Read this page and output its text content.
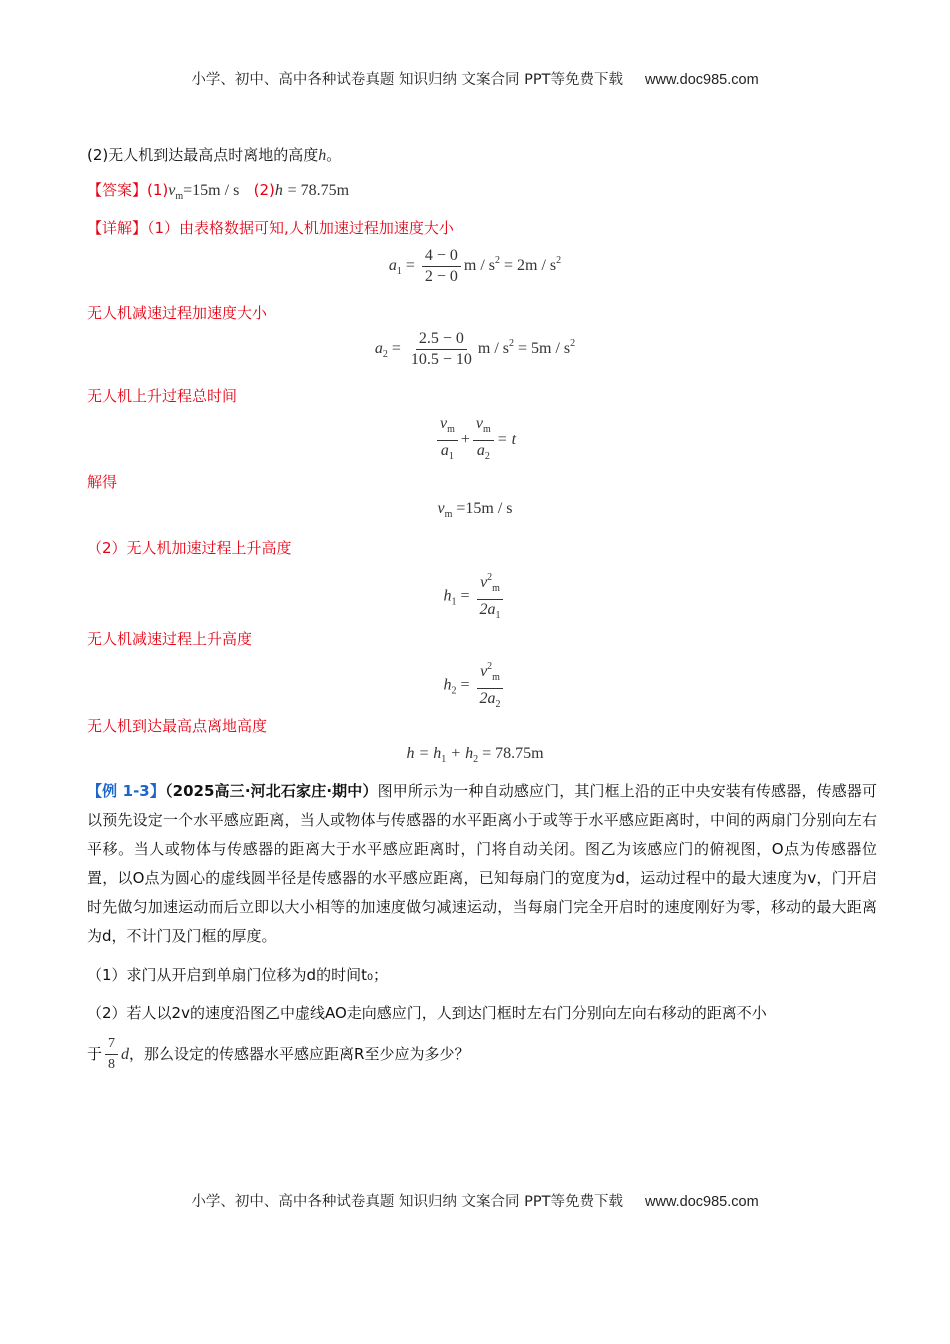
小学、初中、高中各种试卷真题 知识归纳 文案合同 PPT等免费下载 www.doc985.com
(2)无人机到达最高点时离地的高度h。
【答案】$(1)v_m=15m / s$ (2)h = 78.75m
【详解】（1）由表格数据可知,人机加速过程加速度大小
$a_1 = \frac{4 - 0}{2 - 0}$ $m / s^2 = 2m / s^2$
无人机减速过程加速度大小
$a_2 = \frac{2.5 - 0}{10.5 - 10}$ $m / s^2 = 5m / s^2$
无人机上升过程总时间
$\frac{v_m}{a_1} + \frac{v_m}{a_2} = t$
解得
$v_m =15m / s$
（2）无人机加速过程上升高度
$h_1 = \frac{v^2_m}{2a_1}$
无人机减速过程上升高度
$h_2 = \frac{v^2_m}{2a_2}$
无人机到达最高点离地高度
$h = h_1 + h_2 = 78.75m$
【例 1-3】（2025高三·河北石家庄·期中）图甲所示为一种自动感应门，其门框上沿的正中央安装有传感器，传感器可以预先设定一个水平感应距离，当人或物体与传感器的水平距离小于或等于水平感应距离时，中间的两扇门分别向左右平移。当人或物体与传感器的距离大于水平感应距离时，门将自动关闭。图乙为该感应门的俯视图，O点为传感器位置，以O点为圆心的虚线圆半径是传感器的水平感应距离，已知每扇门的宽度为d，运动过程中的最大速度为v，门开启时先做匀加速运动而后立即以大小相等的加速度做匀减速运动，当每扇门完全开启时的速度刚好为零，移动的最大距离为d，不计门及门框的厚度。
（1）求门从开启到单扇门位移为d的时间t₀；
（2）若人以2v的速度沿图乙中虚线AO走向感应门，人到达门框时左右门分别向左向右移动的距离不小
于 $\frac{7}{8}$ d，那么设定的传感器水平感应距离R至少应为多少？
小学、初中、高中各种试卷真题 知识归纳 文案合同 PPT等免费下载 www.doc985.com
